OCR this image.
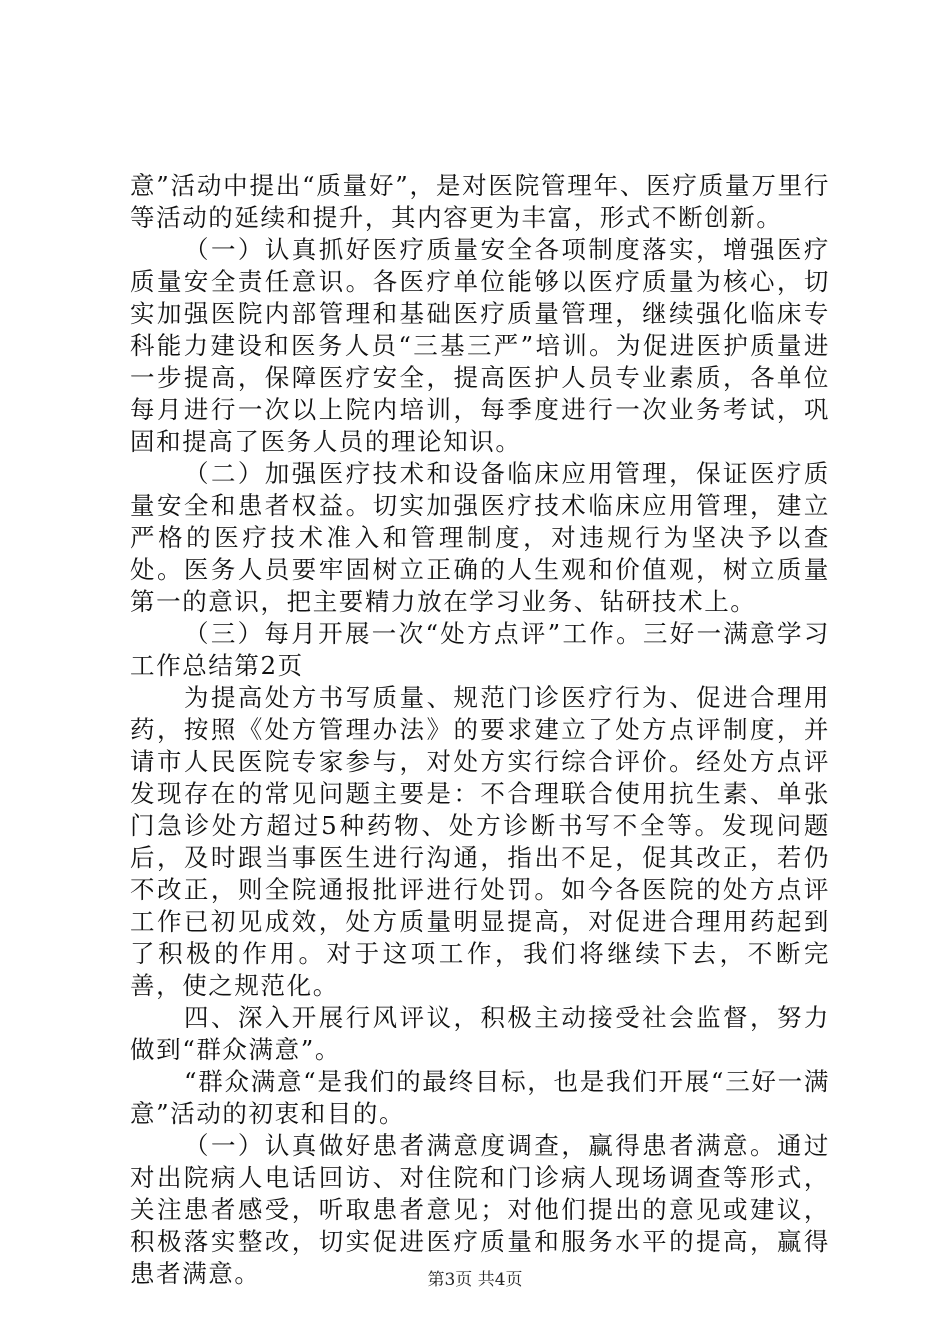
意”活动中提出“质量好”，是对医院管理年、医疗质量万里行等活动的延续和提升，其内容更为丰富，形式不断创新。

（一）认真抓好医疗质量安全各项制度落实，增强医疗质量安全责任意识。各医疗单位能够以医疗质量为核心，切实加强医院内部管理和基础医疗质量管理，继续强化临床专科能力建设和医务人员“三基三严”培训。为促进医护质量进一步提高，保障医疗安全，提高医护人员专业素质，各单位每月进行一次以上院内培训，每季度进行一次业务考试，巩固和提高了医务人员的理论知识。

（二）加强医疗技术和设备临床应用管理，保证医疗质量安全和患者权益。切实加强医疗技术临床应用管理，建立严格的医疗技术准入和管理制度，对违规行为坚决予以查处。医务人员要牢固树立正确的人生观和价值观，树立质量第一的意识，把主要精力放在学习业务、钻研技术上。

（三）每月开展一次“处方点评”工作。三好一满意学习工作总结第2页

为提高处方书写质量、规范门诊医疗行为、促进合理用药，按照《处方管理办法》的要求建立了处方点评制度，并请市人民医院专家参与，对处方实行综合评价。经处方点评发现存在的常见问题主要是：不合理联合使用抗生素、单张门急诊处方超过5种药物、处方诊断书写不全等。发现问题后，及时跟当事医生进行沟通，指出不足，促其改正，若仍不改正，则全院通报批评进行处罚。如今各医院的处方点评工作已初见成效，处方质量明显提高，对促进合理用药起到了积极的作用。对于这项工作，我们将继续下去，不断完善，使之规范化。

四、深入开展行风评议，积极主动接受社会监督，努力做到“群众满意”。

“群众满意“是我们的最终目标，也是我们开展“三好一满意”活动的初衷和目的。

（一）认真做好患者满意度调查，赢得患者满意。通过对出院病人电话回访、对住院和门诊病人现场调查等形式，关注患者感受，听取患者意见；对他们提出的意见或建议，积极落实整改，切实促进医疗质量和服务水平的提高，赢得患者满意。	第3页 共4页
